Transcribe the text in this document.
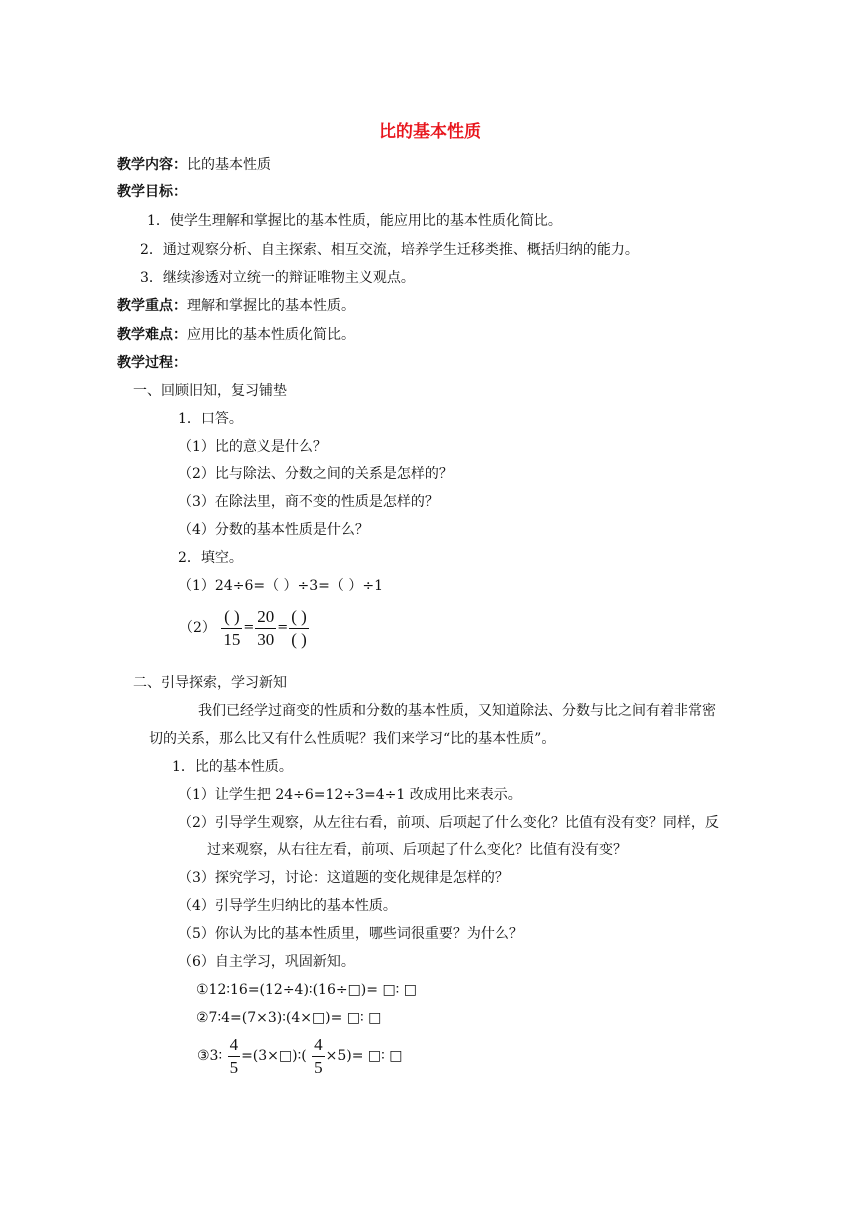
比的基本性质
教学内容：比的基本性质
教学目标：
1．使学生理解和掌握比的基本性质，能应用比的基本性质化简比。
2．通过观察分析、自主探索、相互交流，培养学生迁移类推、概括归纳的能力。
3．继续渗透对立统一的辩证唯物主义观点。
教学重点：理解和掌握比的基本性质。
教学难点：应用比的基本性质化简比。
教学过程：
一、回顾旧知，复习铺垫
1．口答。
（1）比的意义是什么？
（2）比与除法、分数之间的关系是怎样的？
（3）在除法里，商不变的性质是怎样的？
（4）分数的基本性质是什么？
2．填空。
（1）24÷6=（ ）÷3=（ ）÷1
$(2) \frac{( )}{15} = \frac{20}{30} = \frac{( )}{( )}$
二、引导探索，学习新知
我们已经学过商变的性质和分数的基本性质，又知道除法、分数与比之间有着非常密
切的关系，那么比又有什么性质呢？我们来学习“比的基本性质”。
1．比的基本性质。
（1）让学生把 24÷6=12÷3=4÷1 改成用比来表示。
（2）引导学生观察，从左往右看，前项、后项起了什么变化？比值有没有变？同样，反
过来观察，从右往左看，前项、后项起了什么变化？比值有没有变？
（3）探究学习，讨论：这道题的变化规律是怎样的？
（4）引导学生归纳比的基本性质。
（5）你认为比的基本性质里，哪些词很重要？为什么？
（6）自主学习，巩固新知。
①12∶16=(12÷4)∶(16÷□)= □∶ □
②7∶4=(7×3)∶(4×□)= □∶ □
③3∶ $\frac{4}{5}$ =(3×□)∶( $\frac{4}{5} \times 5)=$ □∶ □
